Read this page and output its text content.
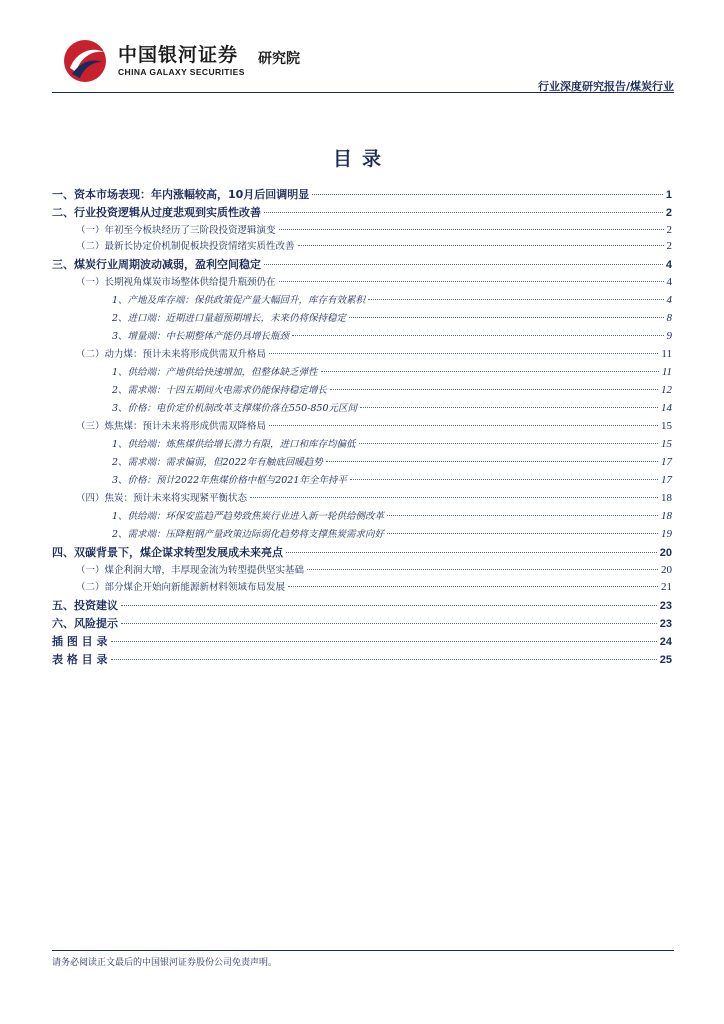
中国银河证券
CHINA GALAXY SECURITIES
研究院
行业深度研究报告/煤炭行业
目录
一、资本市场表现：年内涨幅较高，10月后回调明显	1
二、行业投资逻辑从过度悲观到实质性改善	2
（一）年初至今板块经历了三阶段投资逻辑演变	2
（二）最新长协定价机制促板块投资情绪实质性改善	2
三、煤炭行业周期波动减弱，盈利空间稳定	4
（一）长期视角煤炭市场整体供给提升瓶颈仍在	4
1、产地及库存端：保供政策促产量大幅回升，库存有效累积	4
2、进口端：近期进口量超预期增长，未来仍将保持稳定	8
3、增量端：中长期整体产能仍具增长瓶颈	9
（二）动力煤：预计未来将形成供需双升格局	11
1、供给端：产地供给快速增加，但整体缺乏弹性	11
2、需求端：十四五期间火电需求仍能保持稳定增长	12
3、价格：电价定价机制改革支撑煤价落在550-850元区间	14
（三）炼焦煤：预计未来将形成供需双降格局	15
1、供给端：炼焦煤供给增长潜力有限，进口和库存均偏低	15
2、需求端：需求偏弱，但2022年有触底回暖趋势	17
3、价格：预计2022年焦煤价格中枢与2021年全年持平	17
（四）焦炭：预计未来将实现紧平衡状态	18
1、供给端：环保安监趋严趋势致焦炭行业进入新一轮供给侧改革	18
2、需求端：压降粗钢产量政策边际弱化趋势将支撑焦炭需求向好	19
四、双碳背景下，煤企谋求转型发展成未来亮点	20
（一）煤企利润大增，丰厚现金流为转型提供坚实基础	20
（二）部分煤企开始向新能源新材料领域布局发展	21
五、投资建议	23
六、风险提示	23
插 图 目 录	24
表 格 目 录	25
请务必阅读正文最后的中国银河证券股份公司免责声明。
